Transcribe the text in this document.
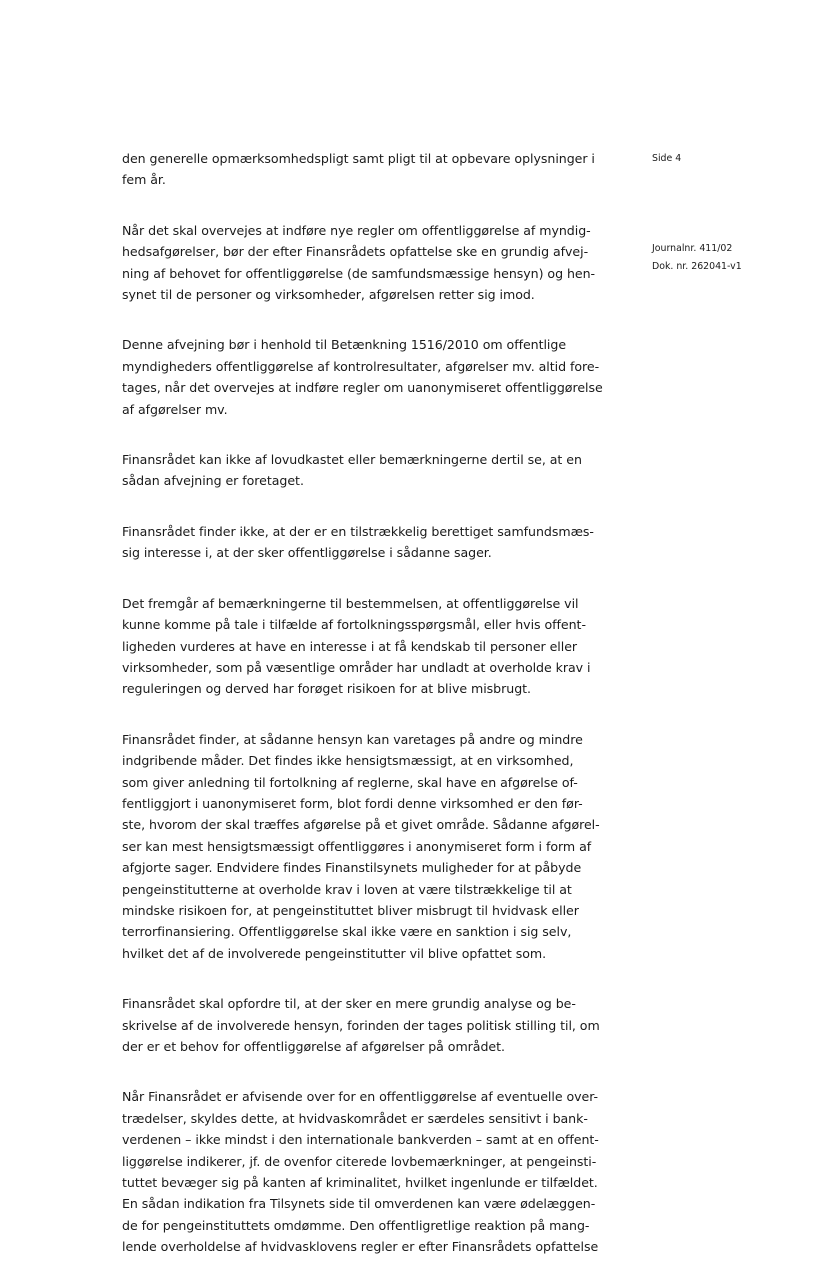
Side 4
Journalnr. 411/02
Dok. nr. 262041-v1
den generelle opmærksomhedspligt samt pligt til at opbevare oplysninger i
fem år.
Når det skal overvejes at indføre nye regler om offentliggørelse af myndig-
hedsafgørelser, bør der efter Finansrådets opfattelse ske en grundig afvej-
ning af behovet for offentliggørelse (de samfundsmæssige hensyn) og hen-
synet til de personer og virksomheder, afgørelsen retter sig imod.
Denne afvejning bør i henhold til Betænkning 1516/2010 om offentlige
myndigheders offentliggørelse af kontrolresultater, afgørelser mv. altid fore-
tages, når det overvejes at indføre regler om uanonymiseret offentliggørelse
af afgørelser mv.
Finansrådet kan ikke af lovudkastet eller bemærkningerne dertil se, at en
sådan afvejning er foretaget.
Finansrådet finder ikke, at der er en tilstrækkelig berettiget samfundsmæs-
sig interesse i, at der sker offentliggørelse i sådanne sager.
Det fremgår af bemærkningerne til bestemmelsen, at offentliggørelse vil
kunne komme på tale i tilfælde af fortolkningsspørgsmål, eller hvis offent-
ligheden vurderes at have en interesse i at få kendskab til personer eller
virksomheder, som på væsentlige områder har undladt at overholde krav i
reguleringen og derved har forøget risikoen for at blive misbrugt.
Finansrådet finder, at sådanne hensyn kan varetages på andre og mindre
indgribende måder. Det findes ikke hensigtsmæssigt, at en virksomhed,
som giver anledning til fortolkning af reglerne, skal have en afgørelse of-
fentliggjort i uanonymiseret form, blot fordi denne virksomhed er den før-
ste, hvorom der skal træffes afgørelse på et givet område. Sådanne afgørel-
ser kan mest hensigtsmæssigt offentliggøres i anonymiseret form i form af
afgjorte sager. Endvidere findes Finanstilsynets muligheder for at påbyde
pengeinstitutterne at overholde krav i loven at være tilstrækkelige til at
mindske risikoen for, at pengeinstituttet bliver misbrugt til hvidvask eller
terrorfinansiering. Offentliggørelse skal ikke være en sanktion i sig selv,
hvilket det af de involverede pengeinstitutter vil blive opfattet som.
Finansrådet skal opfordre til, at der sker en mere grundig analyse og be-
skrivelse af de involverede hensyn, forinden der tages politisk stilling til, om
der er et behov for offentliggørelse af afgørelser på området.
Når Finansrådet er afvisende over for en offentliggørelse af eventuelle over-
trædelser, skyldes dette, at hvidvaskområdet er særdeles sensitivt i bank-
verdenen – ikke mindst i den internationale bankverden – samt at en offent-
liggørelse indikerer, jf. de ovenfor citerede lovbemærkninger, at pengeinsti-
tuttet bevæger sig på kanten af kriminalitet, hvilket ingenlunde er tilfældet.
En sådan indikation fra Tilsynets side til omverdenen kan være ødelæggen-
de for pengeinstituttets omdømme. Den offentligretlige reaktion på mang-
lende overholdelse af hvidvasklovens regler er efter Finansrådets opfattelse
